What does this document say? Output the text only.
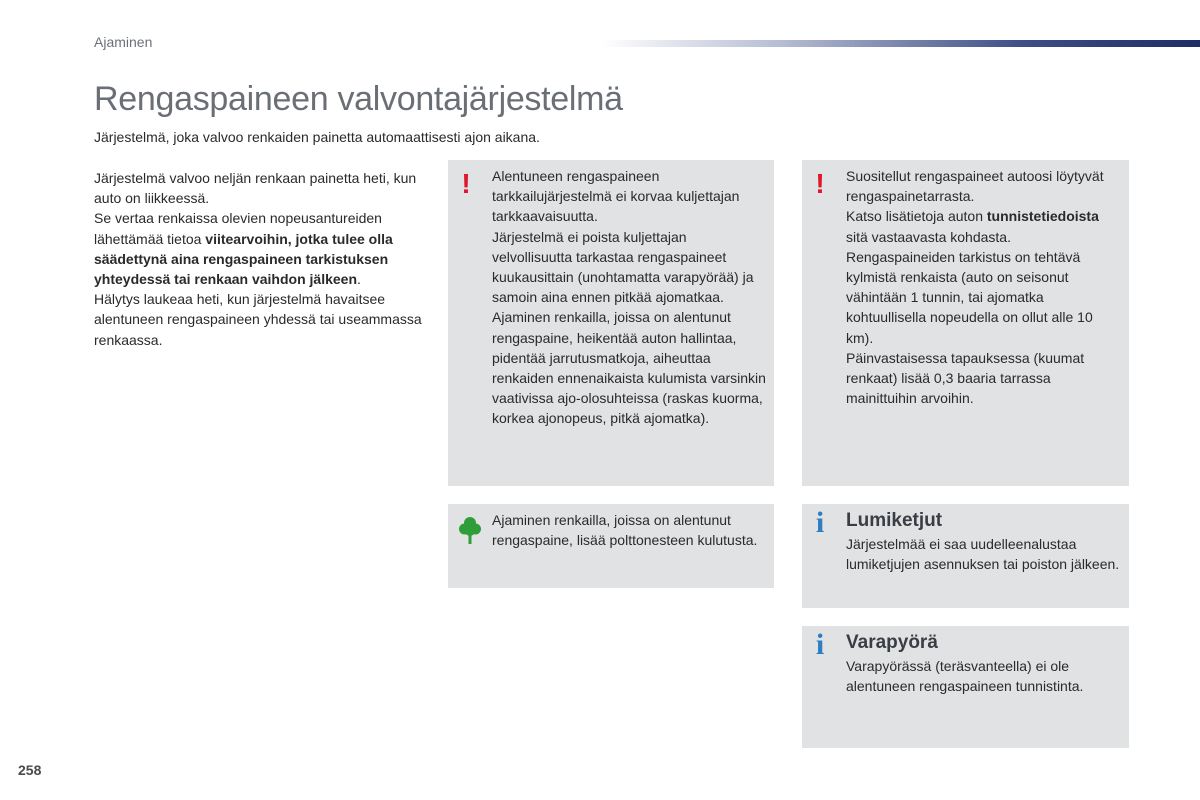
Ajaminen
Rengaspaineen valvontajärjestelmä

Järjestelmä, joka valvoo renkaiden painetta automaattisesti ajon aikana.

Järjestelmä valvoo neljän renkaan painetta heti, kun auto on liikkeessä.

Se vertaa renkaissa olevien nopeusantureiden lähettämää tietoa viitearvoihin, jotka tulee olla säädettynä aina rengaspaineen tarkistuksen yhteydessä tai renkaan vaihdon jälkeen.

Hälytys laukeaa heti, kun järjestelmä havaitsee alentuneen rengaspaineen yhdessä tai useammassa renkaassa.

! Alentuneen rengaspaineen tarkkailujärjestelmä ei korvaa kuljettajan tarkkaavaisuutta.

Järjestelmä ei poista kuljettajan velvollisuutta tarkastaa rengaspaineet kuukausittain (unohtamatta varapyörää) ja samoin aina ennen pitkää ajomatkaa.

Ajaminen renkailla, joissa on alentunut rengaspaine, heikentää auton hallintaa, pidentää jarrutusmatkoja, aiheuttaa renkaiden ennenaikaista kulumista varsinkin vaativissa ajo-olosuhteissa (raskas kuorma, korkea ajonopeus, pitkä ajomatka).

! Suositellut rengaspaineet autoosi löytyvät rengaspainetarrasta.

Katso lisätietoja auton tunnistetiedoista sitä vastaavasta kohdasta.

Rengaspaineiden tarkistus on tehtävä kylmistä renkaista (auto on seisonut vähintään 1 tunnin, tai ajomatka kohtuullisella nopeudella on ollut alle 10 km).

Päinvastaisessa tapauksessa (kuumat renkaat) lisää 0,3 baaria tarrassa mainittuihin arvoihin.

Ajaminen renkailla, joissa on alentunut rengaspaine, lisää polttonesteen kulutusta.
i Lumiketjut

Järjestelmää ei saa uudelleenalustaa lumiketjujen asennuksen tai poiston jälkeen.

i Varapyörä

Varapyörässä (teräsvanteella) ei ole alentuneen rengaspaineen tunnistinta.

258
